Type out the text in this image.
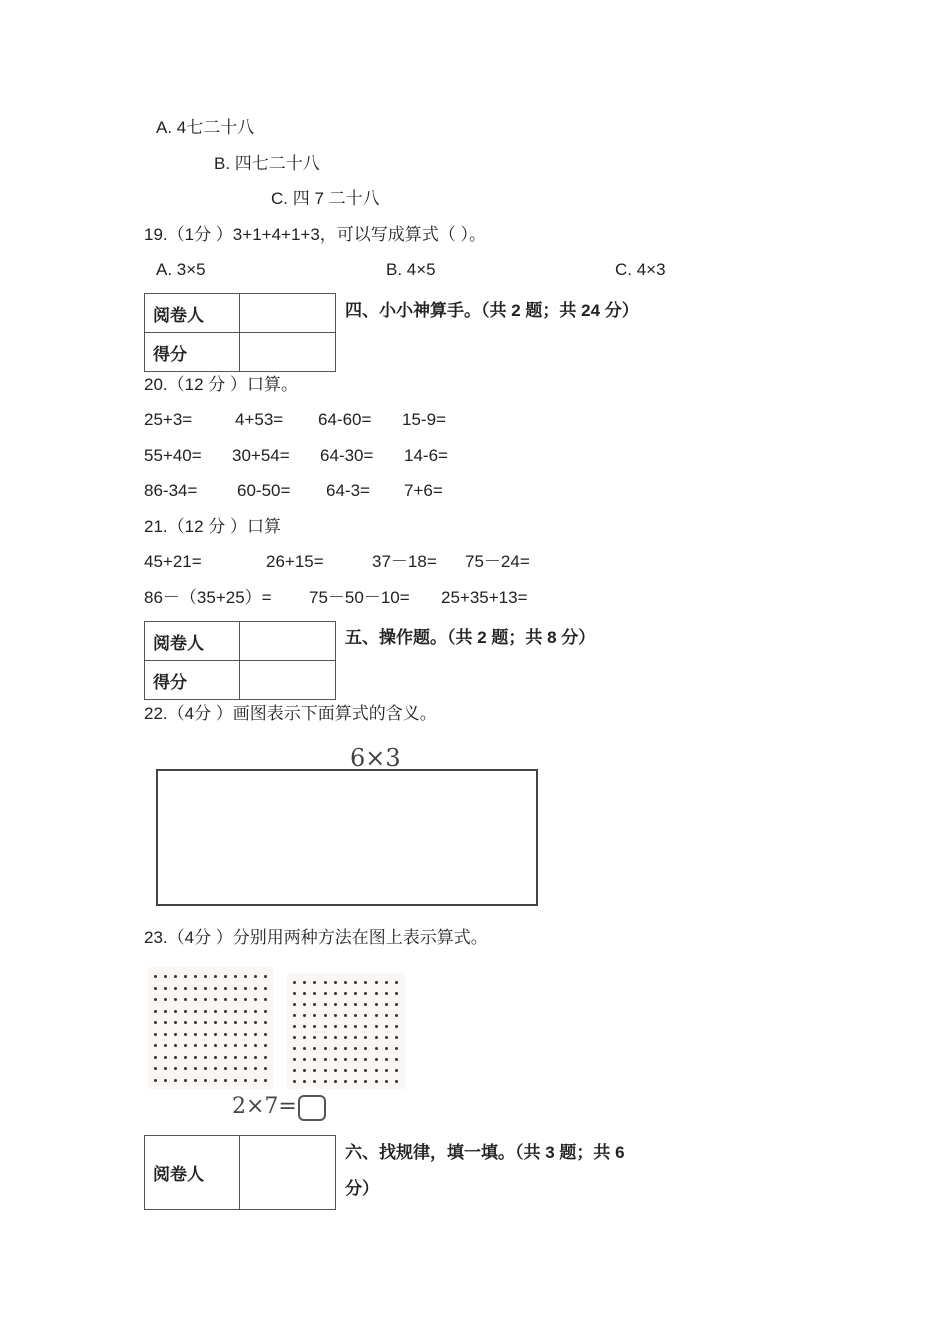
A. 4七二十八
B. 四七二十八
C. 四 7 二十八
19.（1分 ）3+1+4+1+3，可以写成算式（ ）。
A. 3×5	B. 4×5	C. 4×3
阅卷人	
得分	
四、小小神算手。（共 2 题；共 24 分）
20.（12 分 ）口算。
25+3=	4+53= 64-60= 15-9=
55+40= 30+54= 64-30= 14-6=
86-34= 60-50= 64-3= 7+6=
21.（12 分 ）口算
45+21=	26+15=	37－18= 75－24=
86－（35+25）= 75－50－10= 25+35+13=
阅卷人	
得分	
五、操作题。（共 2 题；共 8 分）
22.（4分 ）画图表示下面算式的含义。
6×3
23.（4分 ）分别用两种方法在图上表示算式。
2×7=
阅卷人	
六、找规律，填一填。（共 3 题；共 6
分）
